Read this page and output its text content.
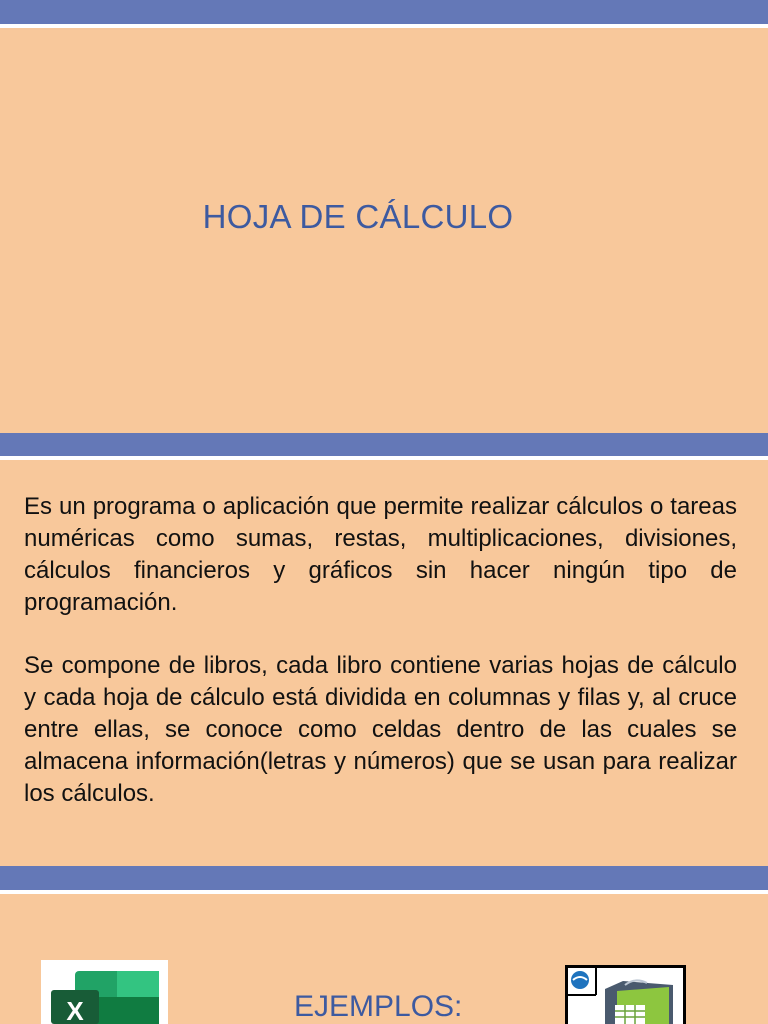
HOJA DE CÁLCULO
Es un programa o aplicación que permite realizar cálculos o tareas numéricas como sumas, restas, multiplicaciones, divisiones, cálculos financieros y gráficos sin hacer ningún tipo de programación.
Se compone de libros, cada libro contiene varias hojas de cálculo y cada hoja de cálculo está dividida en columnas y filas y, al cruce entre ellas, se conoce como celdas dentro de las cuales se almacena información(letras y números) que se usan para realizar los cálculos.
X	EJEMPLOS:
